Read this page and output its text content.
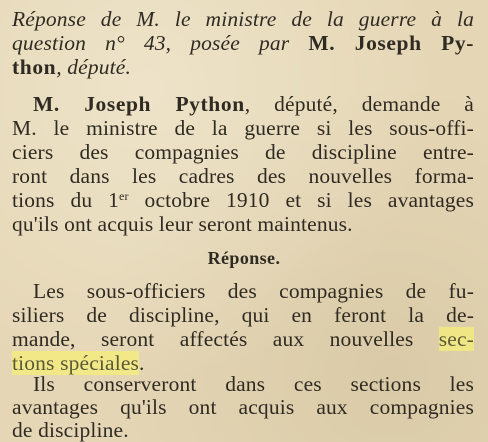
Réponse de M. le ministre de la guerre à la
question n° 43, posée par M. Joseph Py-
thon, député.
M. Joseph Python, député, demande à
M. le ministre de la guerre si les sous-offi-
ciers des compagnies de discipline entre-
ront dans les cadres des nouvelles forma-
tions du 1er octobre 1910 et si les avantages
qu'ils ont acquis leur seront maintenus.
Réponse.
Les sous-officiers des compagnies de fu-
siliers de discipline, qui en feront la de-
mande, seront affectés aux nouvelles sec-
tions spéciales.
Ils conserveront dans ces sections les
avantages qu'ils ont acquis aux compagnies
de discipline.
